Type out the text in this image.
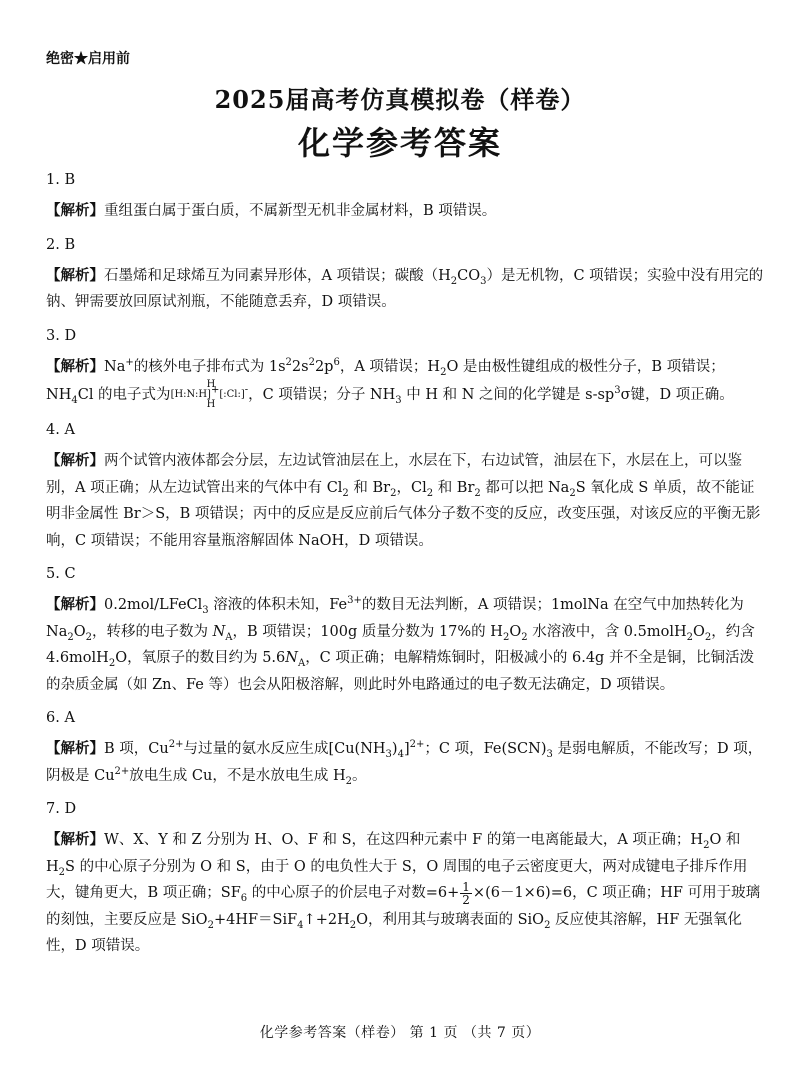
绝密★启用前
2025届高考仿真模拟卷（样卷）
化学参考答案
1. B
【解析】重组蛋白属于蛋白质，不属新型无机非金属材料，B 项错误。
2. B
【解析】石墨烯和足球烯互为同素异形体，A 项错误；碳酸$(H_2CO_3)$是无机物，C 项错误；实验中没有用完的钠、钾需要放回原试剂瓶，不能随意丢弃，D 项错误。
3. D
【解析】Na+的核外电子排布式为 $1s^22s^22p^6$，A 项错误；$H_2O$ 是由极性键组成的极性分子，B 项错误；$NH_4Cl$ 的电子式为 H
[H:N:H]+[:Cl:]-
H，C 项错误；分子 $NH_3$ 中 H 和 N 之间的化学键是 $s-sp^3\sigma$键，D 项正确。
4. A
【解析】两个试管内液体都会分层，左边试管油层在上，水层在下，右边试管，油层在下，水层在上，可以鉴别，A 项正确；从左边试管出来的气体中有 $Cl_2$ 和 $Br_2$，$Cl_2$ 和 $Br_2$ 都可以把 $Na_2S$ 氧化成 S 单质，故不能证明非金属性 Br＞S，B 项错误；丙中的反应是反应前后气体分子数不变的反应，改变压强，对该反应的平衡无影响，C 项错误；不能用容量瓶溶解固体 NaOH，D 项错误。
5. C
【解析】0.2mol/LFeCl$_3$ 溶液的体积未知，$Fe^{3+}$的数目无法判断，A 项错误；1molNa 在空气中加热转化为 $Na_2O_2$，转移的电子数为 $N_A$，B 项错误；100g 质量分数为 17%的 $H_2O_2$ 水溶液中，含 $0.5molH_2O_2$，约含 4.6molH$_2$O，氧原子的数目约为 $5.6N_A$，C 项正确；电解精炼铜时，阳极减小的 6.4g 并不全是铜，比铜活泼的杂质金属（如 Zn、Fe 等）也会从阳极溶解，则此时外电路通过的电子数无法确定，D 项错误。
6. A
【解析】B 项，$Cu^{2+}$与过量的氨水反应生成$[Cu(NH_3)_4]^{2+}$；C 项，$Fe(SCN)_3$ 是弱电解质，不能改写；D 项，阴极是 $Cu^{2+}$放电生成 Cu，不是水放电生成 $H_2$。
7. D
【解析】W、X、Y 和 Z 分别为 H、O、F 和 S，在这四种元素中 F 的第一电离能最大，A 项正确；$H_2O$ 和 $H_2S$ 的中心原子分别为 O 和 S，由于 O 的电负性大于 S，O 周围的电子云密度更大，两对成键电子排斥作用大，键角更大，B 项正确；$SF_6$ 的中心原子的价层电子对数$=6+ \frac{1}{2} \times(6-1\times 6)=6$，C 项正确；HF 可用于玻璃的刻蚀，主要反应是 $SiO_2+4HF=SiF_4↑+2H_2O$，利用其与玻璃表面的 SiO$_2$ 反应使其溶解，HF 无强氧化性，D 项错误。
化学参考答案（样卷） 第 1 页 （共 7 页）
